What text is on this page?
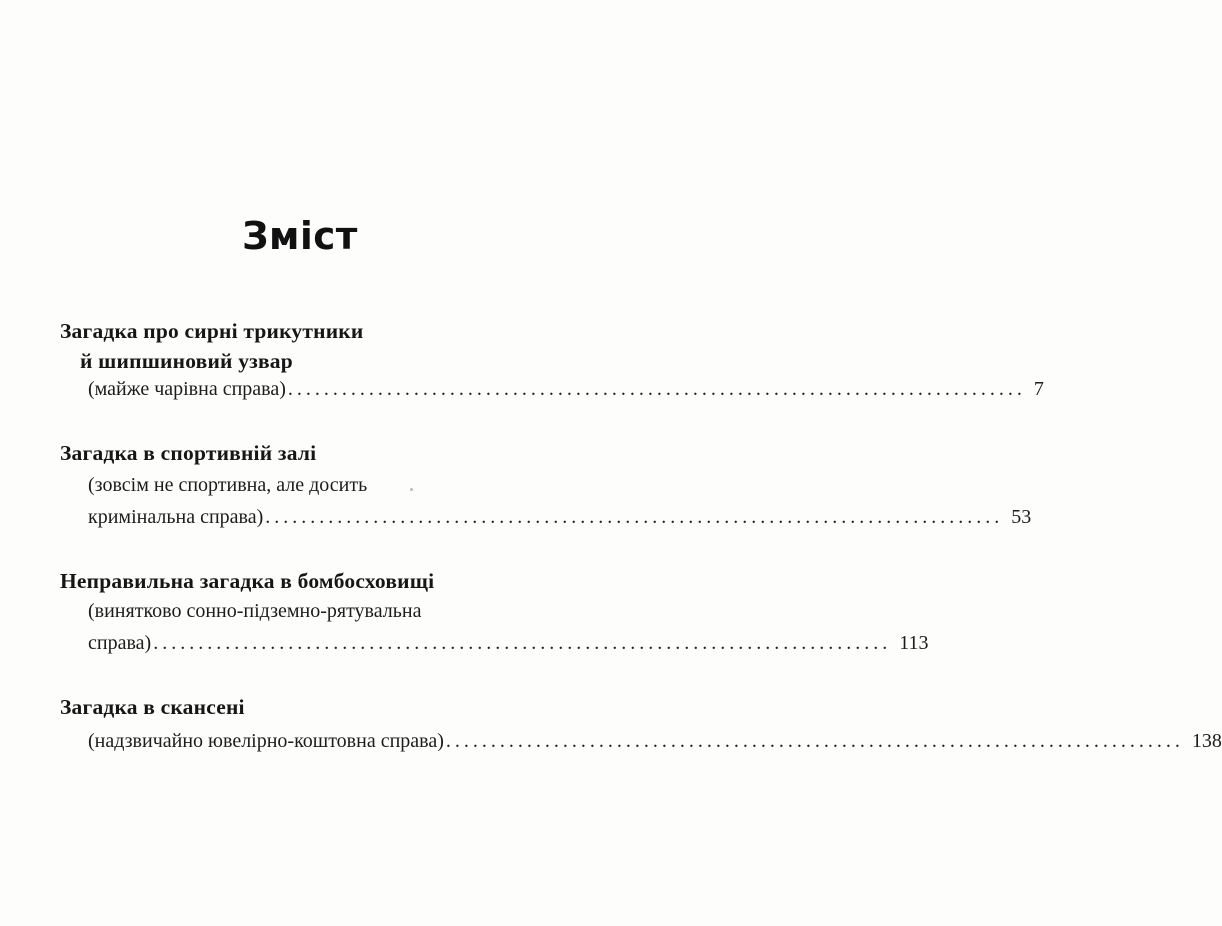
Зміст
Загадка про сирні трикутники
й шипшиновий узвар
(майже чарівна справа) .................................................................................. 7
Загадка в спортивній залі
(зовсім не спортивна, але досить
кримінальна справа) .................................................................................. 53
Неправильна загадка в бомбосховищі
(винятково сонно-підземно-рятувальна
справа) .................................................................................. 113
Загадка в скансені
(надзвичайно ювелірно-коштовна справа) .................................................................................. 138
